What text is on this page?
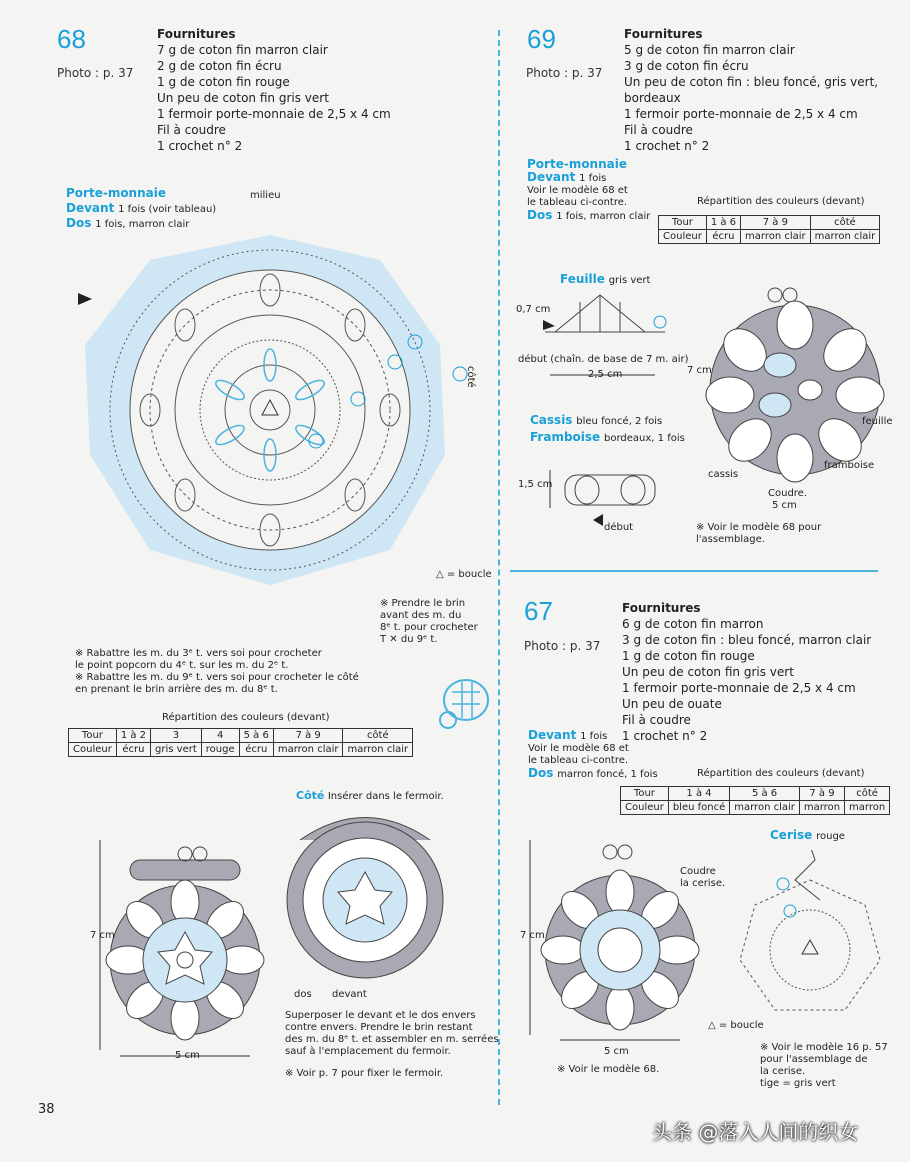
68
Photo : p. 37
Fournitures
7 g de coton fin marron clair
2 g de coton fin écru
1 g de coton fin rouge
Un peu de coton fin gris vert
1 fermoir porte-monnaie de 2,5 x 4 cm
Fil à coudre
1 crochet n° 2
Porte-monnaie
Devant 1 fois (voir tableau)
Dos 1 fois, marron clair
milieu
côté
△ = boucle
※ Prendre le brin
avant des m. du
8ᵉ t. pour crocheter
T ✕ du 9ᵉ t.
※ Rabattre les m. du 3ᵉ t. vers soi pour crocheter
le point popcorn du 4ᵉ t. sur les m. du 2ᵉ t.
※ Rabattre les m. du 9ᵉ t. vers soi pour crocheter le côté
en prenant le brin arrière des m. du 8ᵉ t.
Répartition des couleurs (devant)
Tour	1 à 2	3	4	5 à 6	7 à 9	côté
Couleur	écru	gris vert	rouge	écru	marron clair	marron clair
Côté Insérer dans le fermoir.
7 cm
5 cm
dos devant
Superposer le devant et le dos envers
contre envers. Prendre le brin restant
des m. du 8ᵉ t. et assembler en m. serrées
sauf à l'emplacement du fermoir.
※ Voir p. 7 pour fixer le fermoir.
69
Photo : p. 37
Fournitures
5 g de coton fin marron clair
3 g de coton fin écru
Un peu de coton fin : bleu foncé, gris vert,
bordeaux
1 fermoir porte-monnaie de 2,5 x 4 cm
Fil à coudre
1 crochet n° 2
Porte-monnaie
Devant 1 fois
Voir le modèle 68 et
le tableau ci-contre.
Dos 1 fois, marron clair
Répartition des couleurs (devant)
Tour	1 à 6	7 à 9	côté
Couleur	écru	marron clair	marron clair
Feuille gris vert
0,7 cm
début (chaîn. de base de 7 m. air)
2,5 cm
Cassis bleu foncé, 2 fois
Framboise bordeaux, 1 fois
1,5 cm
début
7 cm
feuille
framboise
cassis
Coudre.
5 cm
※ Voir le modèle 68 pour
l'assemblage.
67
Photo : p. 37
Fournitures
6 g de coton fin marron
3 g de coton fin : bleu foncé, marron clair
1 g de coton fin rouge
Un peu de coton fin gris vert
1 fermoir porte-monnaie de 2,5 x 4 cm
Un peu de ouate
Fil à coudre
1 crochet n° 2
Devant 1 fois
Voir le modèle 68 et
le tableau ci-contre.
Dos marron foncé, 1 fois	Répartition des couleurs (devant)
Tour	1 à 4	5 à 6	7 à 9	côté
Couleur	bleu foncé	marron clair	marron	marron
Cerise rouge
Coudre
la cerise.
7 cm
5 cm
※ Voir le modèle 68.
△ = boucle
※ Voir le modèle 16 p. 57
pour l'assemblage de
la cerise.
tige = gris vert
38
头条 @落入人间的织女
